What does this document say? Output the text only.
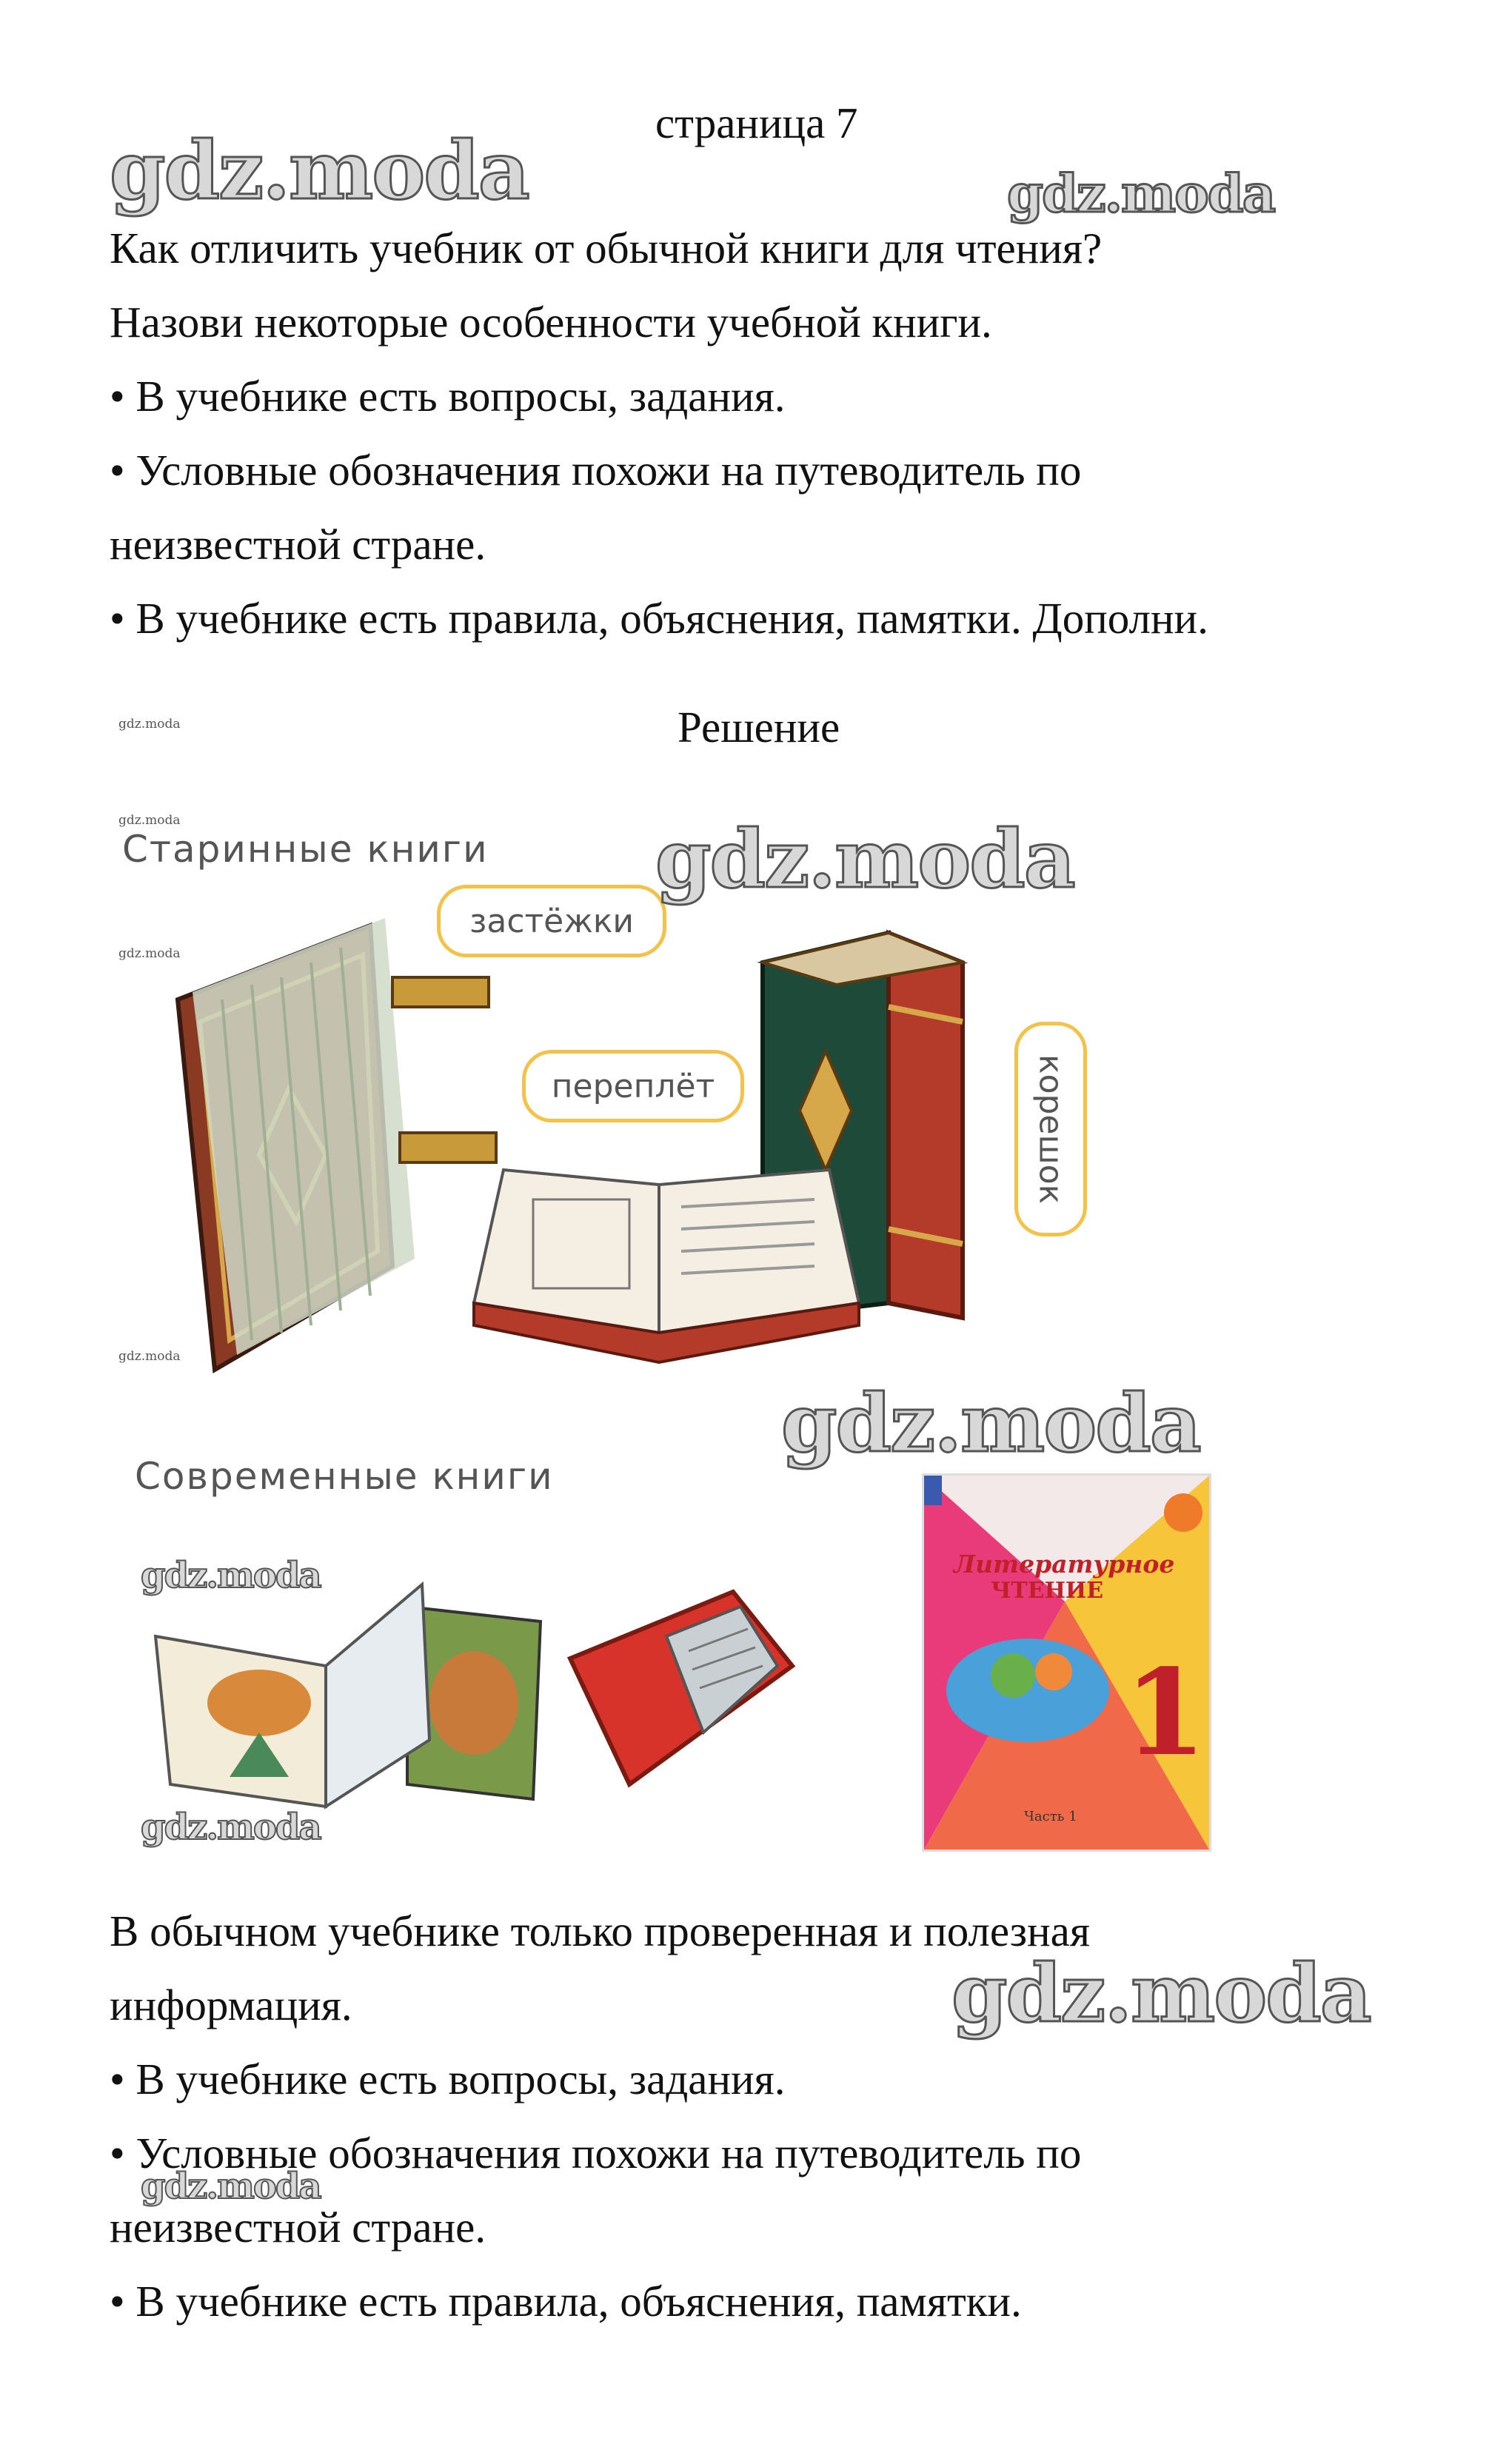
страница 7
Как отличить учебник от обычной книги для чтения?
Назови некоторые особенности учебной книги.
• В учебнике есть вопросы, задания.
• Условные обозначения похожи на путеводитель по
неизвестной стране.
• В учебнике есть правила, объяснения, памятки. Дополни.
Решение
Старинные книги
застёжки
переплёт	корешок
Современные книги
Литературное
ЧТЕНИЕ
1
Часть 1
В обычном учебнике только проверенная и полезная
информация.
• В учебнике есть вопросы, задания.
• Условные обозначения похожи на путеводитель по
неизвестной стране.
• В учебнике есть правила, объяснения, памятки.
gdz.moda	gdz.moda
gdz.moda
gdz.moda
gdz.moda
gdz.moda
gdz.moda
gdz.moda
gdz.moda
gdz.moda
gdz.moda
gdz.moda
